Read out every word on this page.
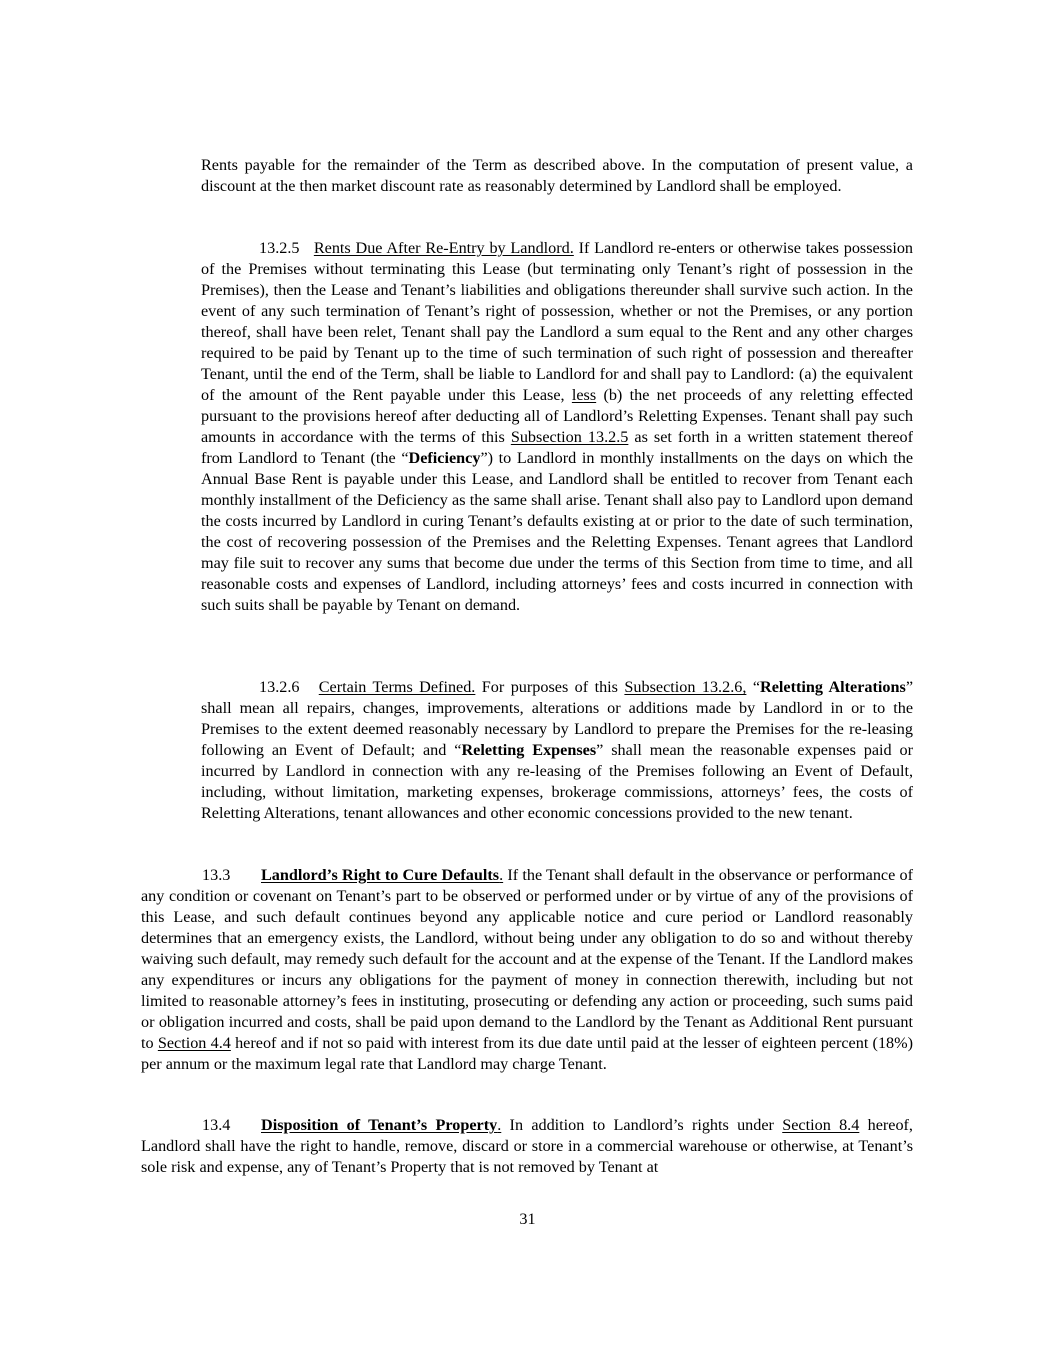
Rents payable for the remainder of the Term as described above. In the computation of present value, a discount at the then market discount rate as reasonably determined by Landlord shall be employed.

13.2.5 Rents Due After Re-Entry by Landlord. If Landlord re-enters or otherwise takes possession of the Premises without terminating this Lease (but terminating only Tenant’s right of possession in the Premises), then the Lease and Tenant’s liabilities and obligations thereunder shall survive such action. In the event of any such termination of Tenant’s right of possession, whether or not the Premises, or any portion thereof, shall have been relet, Tenant shall pay the Landlord a sum equal to the Rent and any other charges required to be paid by Tenant up to the time of such termination of such right of possession and thereafter Tenant, until the end of the Term, shall be liable to Landlord for and shall pay to Landlord: (a) the equivalent of the amount of the Rent payable under this Lease, less (b) the net proceeds of any reletting effected pursuant to the provisions hereof after deducting all of Landlord’s Reletting Expenses. Tenant shall pay such amounts in accordance with the terms of this Subsection 13.2.5 as set forth in a written statement thereof from Landlord to Tenant (the “Deficiency”) to Landlord in monthly installments on the days on which the Annual Base Rent is payable under this Lease, and Landlord shall be entitled to recover from Tenant each monthly installment of the Deficiency as the same shall arise. Tenant shall also pay to Landlord upon demand the costs incurred by Landlord in curing Tenant’s defaults existing at or prior to the date of such termination, the cost of recovering possession of the Premises and the Reletting Expenses. Tenant agrees that Landlord may file suit to recover any sums that become due under the terms of this Section from time to time, and all reasonable costs and expenses of Landlord, including attorneys’ fees and costs incurred in connection with such suits shall be payable by Tenant on demand.

13.2.6 Certain Terms Defined. For purposes of this Subsection 13.2.6, “Reletting Alterations” shall mean all repairs, changes, improvements, alterations or additions made by Landlord in or to the Premises to the extent deemed reasonably necessary by Landlord to prepare the Premises for the re-leasing following an Event of Default; and “Reletting Expenses” shall mean the reasonable expenses paid or incurred by Landlord in connection with any re-leasing of the Premises following an Event of Default, including, without limitation, marketing expenses, brokerage commissions, attorneys’ fees, the costs of Reletting Alterations, tenant allowances and other economic concessions provided to the new tenant.

13.3 Landlord’s Right to Cure Defaults. If the Tenant shall default in the observance or performance of any condition or covenant on Tenant’s part to be observed or performed under or by virtue of any of the provisions of this Lease, and such default continues beyond any applicable notice and cure period or Landlord reasonably determines that an emergency exists, the Landlord, without being under any obligation to do so and without thereby waiving such default, may remedy such default for the account and at the expense of the Tenant. If the Landlord makes any expenditures or incurs any obligations for the payment of money in connection therewith, including but not limited to reasonable attorney’s fees in instituting, prosecuting or defending any action or proceeding, such sums paid or obligation incurred and costs, shall be paid upon demand to the Landlord by the Tenant as Additional Rent pursuant to Section 4.4 hereof and if not so paid with interest from its due date until paid at the lesser of eighteen percent (18%) per annum or the maximum legal rate that Landlord may charge Tenant.

13.4 Disposition of Tenant’s Property. In addition to Landlord’s rights under Section 8.4 hereof, Landlord shall have the right to handle, remove, discard or store in a commercial warehouse or otherwise, at Tenant’s sole risk and expense, any of Tenant’s Property that is not removed by Tenant at

31
